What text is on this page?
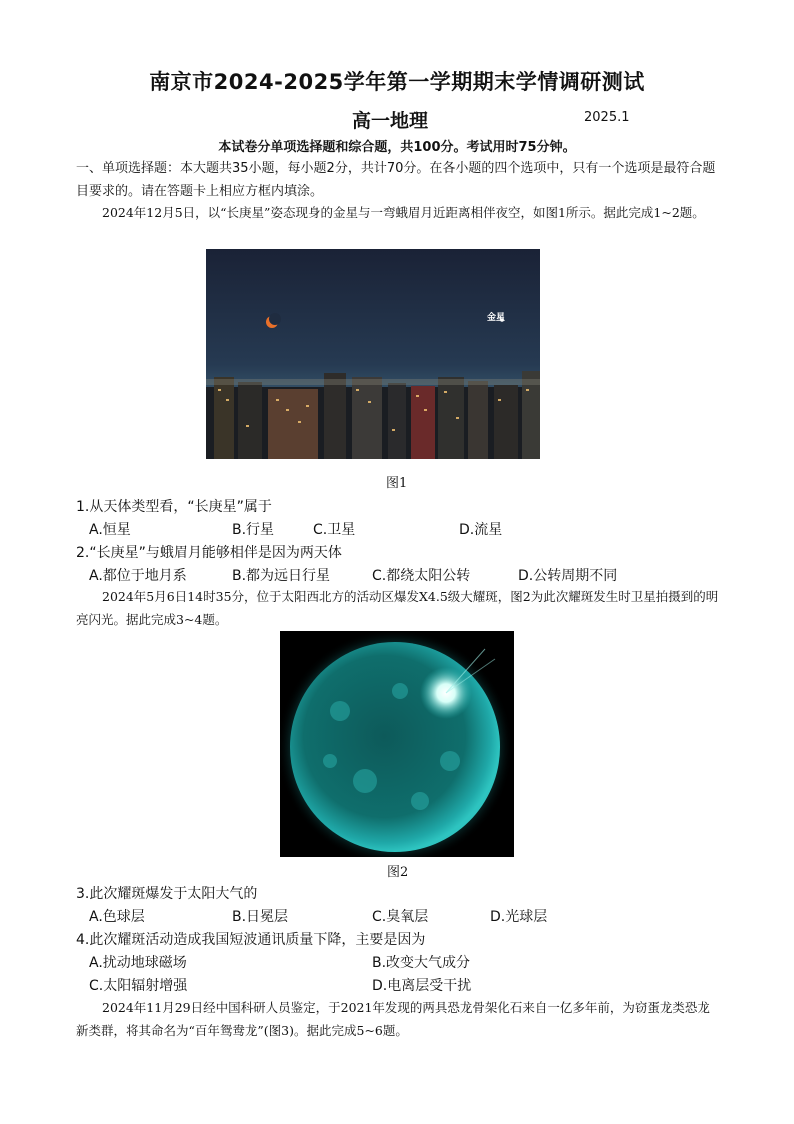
南京市2024-2025学年第一学期期末学情调研测试
高一地理	2025.1
本试卷分单项选择题和综合题，共100分。考试用时75分钟。
一、单项选择题：本大题共35小题，每小题2分，共计70分。在各小题的四个选项中，只有一个选项是最符合题目要求的。请在答题卡上相应方框内填涂。
2024年12月5日，以“长庚星”姿态现身的金星与一弯蛾眉月近距离相伴夜空，如图1所示。据此完成1~2题。
金星
图1
1.从天体类型看，“长庚星”属于
A.恒星	B.行星	C.卫星	D.流星
2.“长庚星”与蛾眉月能够相伴是因为两天体
A.都位于地月系	B.都为远日行星	C.都绕太阳公转	D.公转周期不同
2024年5月6日14时35分，位于太阳西北方的活动区爆发X4.5级大耀斑，图2为此次耀斑发生时卫星拍摄到的明亮闪光。据此完成3~4题。
图2
3.此次耀斑爆发于太阳大气的
A.色球层	B.日冕层	C.臭氧层	D.光球层
4.此次耀斑活动造成我国短波通讯质量下降，主要是因为
A.扰动地球磁场	B.改变大气成分
C.太阳辐射增强	D.电离层受干扰
2024年11月29日经中国科研人员鉴定，于2021年发现的两具恐龙骨架化石来自一亿多年前，为窃蛋龙类恐龙新类群，将其命名为“百年鸳鸯龙”(图3)。据此完成5~6题。
